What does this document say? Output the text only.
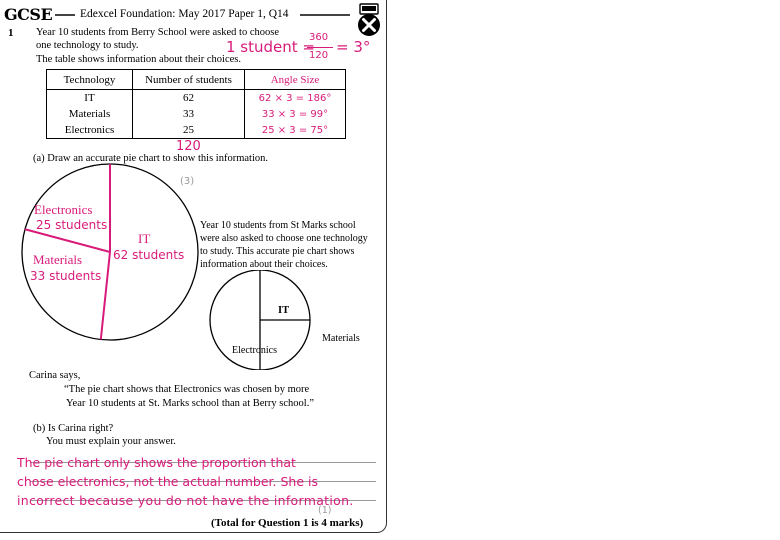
GCSE Edexcel Foundation: May 2017 Paper 1, Q14
1 Year 10 students from Berry School were asked to choose
one technology to study.
The table shows information about their choices.
1 student =
360
120 = 3°
Technology	Number of students	Angle Size
IT	62	62 × 3 = 186°
Materials	33	33 × 3 = 99°
Electronics	25	25 × 3 = 75°
120
(a) Draw an accurate pie chart to show this information.
(3)
Electronics
25 students
Materials
33 students
IT
62 students
Year 10 students from St Marks school
were also asked to choose one technology
to study. This accurate pie chart shows
information about their choices.
IT
Materials
Electronics
Carina says,
“The pie chart shows that Electronics was chosen by more
Year 10 students at St. Marks school than at Berry school.”
(b) Is Carina right?
You must explain your answer.
The pie chart only shows the proportion that
chose electronics, not the actual number. She is
incorrect because you do not have the information.
(1)
(Total for Question 1 is 4 marks)
